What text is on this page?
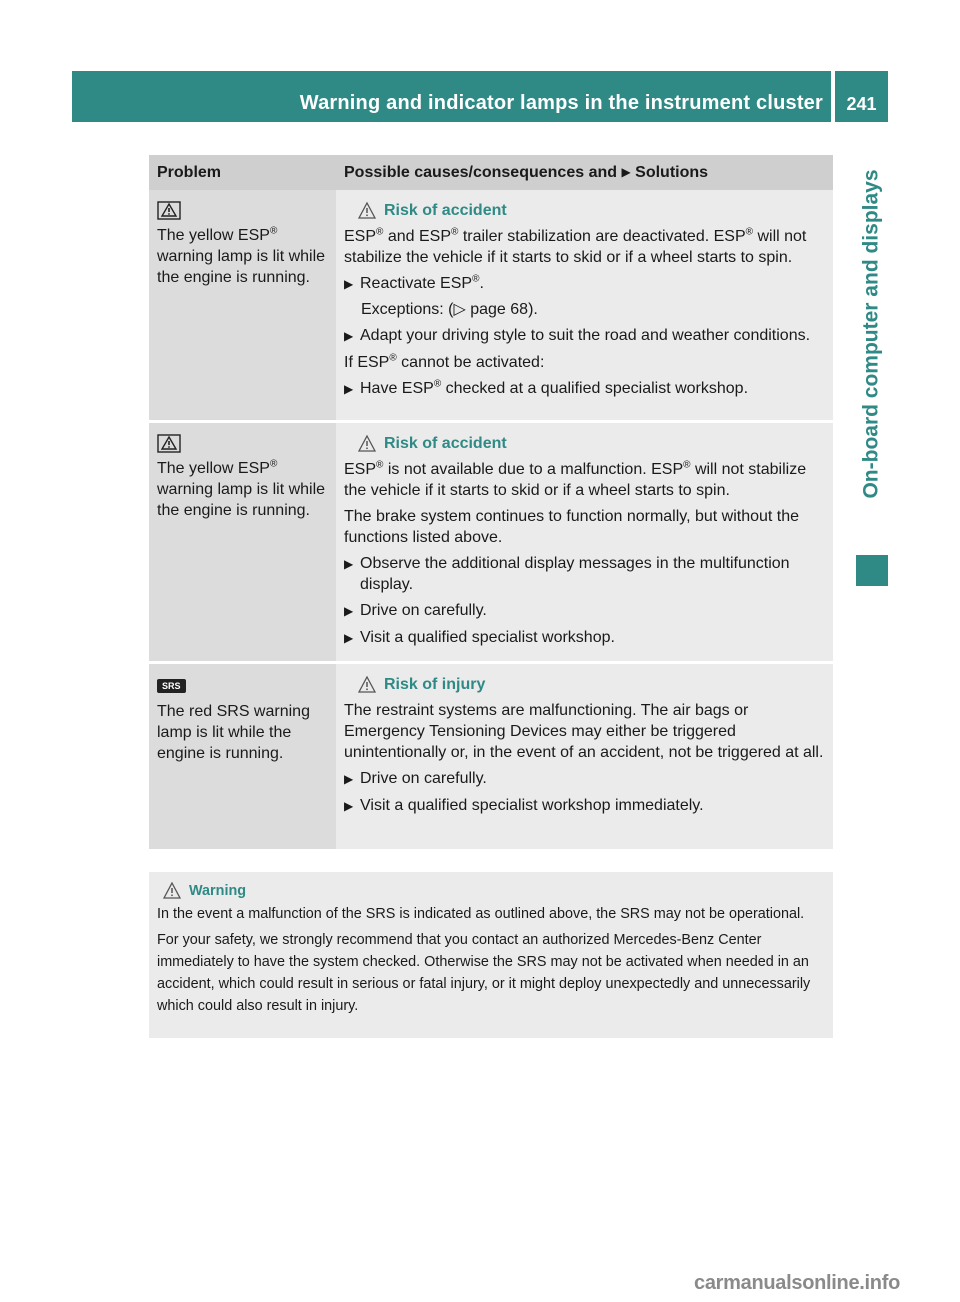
Warning and indicator lamps in the instrument cluster	241
On-board computer and displays
Problem	Possible causes/consequences and ▶ Solutions
The yellow ESP®
warning lamp is lit while the engine is running.
Risk of accident
ESP® and ESP® trailer stabilization are deactivated. ESP® will not stabilize the vehicle if it starts to skid or if a wheel starts to spin.
▶ Reactivate ESP®.
Exceptions: (▷ page 68).
▶ Adapt your driving style to suit the road and weather conditions.
If ESP® cannot be activated:
▶ Have ESP® checked at a qualified specialist workshop.
The yellow ESP®
warning lamp is lit while the engine is running.
Risk of accident
ESP® is not available due to a malfunction. ESP® will not stabilize the vehicle if it starts to skid or if a wheel starts to spin.
The brake system continues to function normally, but without the functions listed above.
▶ Observe the additional display messages in the multifunction display.
▶ Drive on carefully.
▶ Visit a qualified specialist workshop.
SRS
The red SRS warning lamp is lit while the engine is running.
Risk of injury
The restraint systems are malfunctioning. The air bags or Emergency Tensioning Devices may either be triggered unintentionally or, in the event of an accident, not be triggered at all.
▶ Drive on carefully.
▶ Visit a qualified specialist workshop immediately.
Warning
In the event a malfunction of the SRS is indicated as outlined above, the SRS may not be operational.
For your safety, we strongly recommend that you contact an authorized Mercedes-Benz Center immediately to have the system checked. Otherwise the SRS may not be activated when needed in an accident, which could result in serious or fatal injury, or it might deploy unexpectedly and unnecessarily which could also result in injury.
carmanualsonline.info
